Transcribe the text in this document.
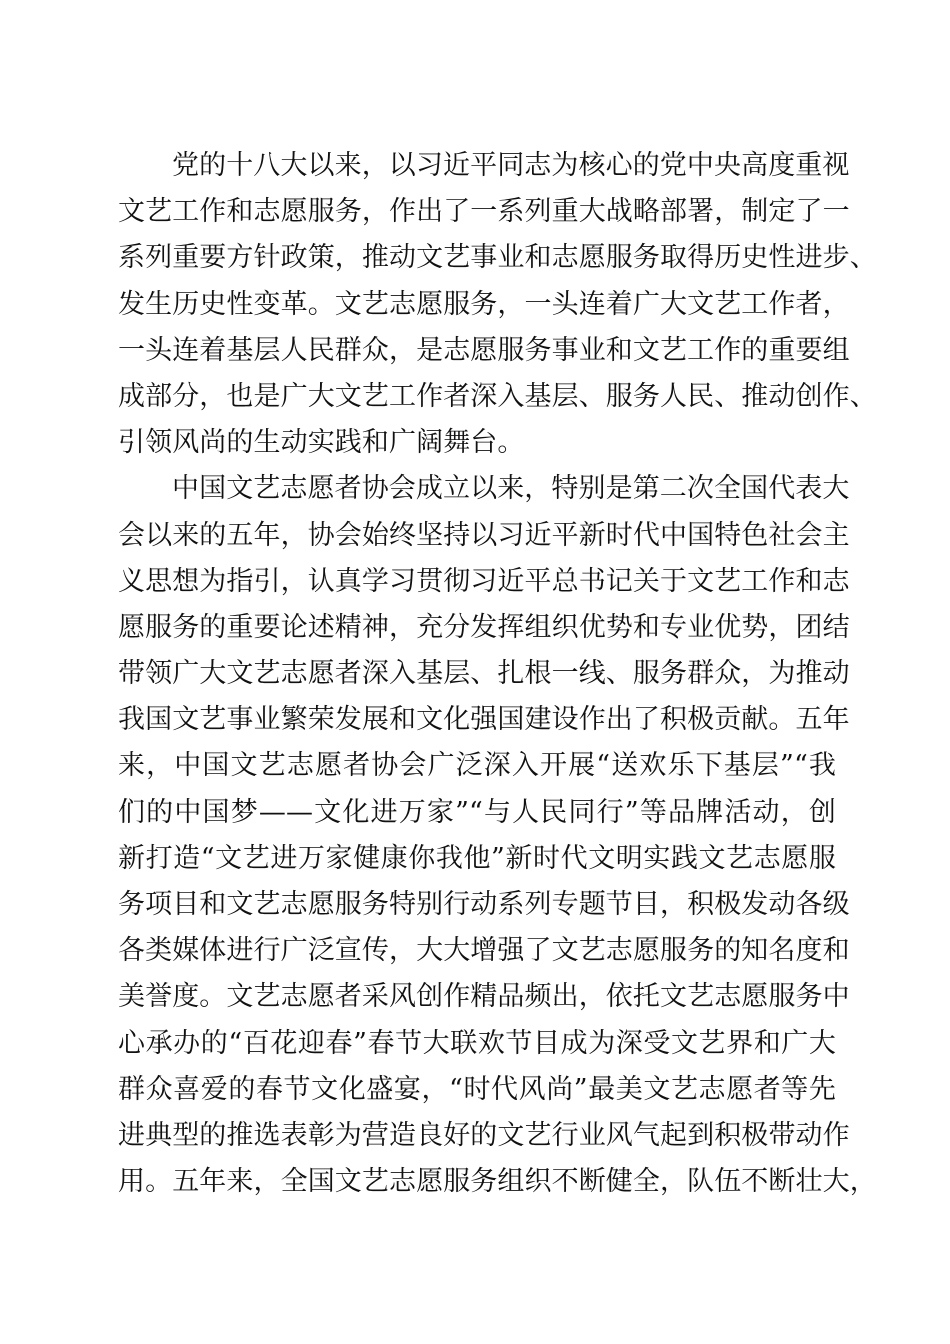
党的十八大以来，以习近平同志为核心的党中央高度重视
文艺工作和志愿服务，作出了一系列重大战略部署，制定了一
系列重要方针政策，推动文艺事业和志愿服务取得历史性进步、
发生历史性变革。文艺志愿服务，一头连着广大文艺工作者，
一头连着基层人民群众，是志愿服务事业和文艺工作的重要组
成部分，也是广大文艺工作者深入基层、服务人民、推动创作、
引领风尚的生动实践和广阔舞台。
中国文艺志愿者协会成立以来，特别是第二次全国代表大
会以来的五年，协会始终坚持以习近平新时代中国特色社会主
义思想为指引，认真学习贯彻习近平总书记关于文艺工作和志
愿服务的重要论述精神，充分发挥组织优势和专业优势，团结
带领广大文艺志愿者深入基层、扎根一线、服务群众，为推动
我国文艺事业繁荣发展和文化强国建设作出了积极贡献。五年
来，中国文艺志愿者协会广泛深入开展“送欢乐下基层”“我
们的中国梦——文化进万家”“与人民同行”等品牌活动，创
新打造“文艺进万家健康你我他”新时代文明实践文艺志愿服
务项目和文艺志愿服务特别行动系列专题节目，积极发动各级
各类媒体进行广泛宣传，大大增强了文艺志愿服务的知名度和
美誉度。文艺志愿者采风创作精品频出，依托文艺志愿服务中
心承办的“百花迎春”春节大联欢节目成为深受文艺界和广大
群众喜爱的春节文化盛宴，“时代风尚”最美文艺志愿者等先
进典型的推选表彰为营造良好的文艺行业风气起到积极带动作
用。五年来，全国文艺志愿服务组织不断健全，队伍不断壮大，
